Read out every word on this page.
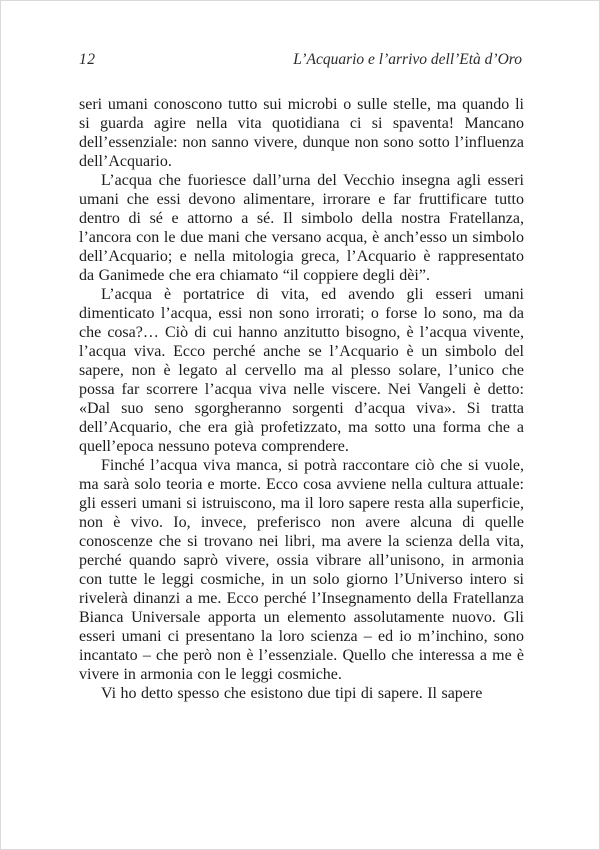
12	L’Acquario e l’arrivo dell’Età d’Oro

seri umani conoscono tutto sui microbi o sulle stelle, ma quando li si guarda agire nella vita quotidiana ci si spaventa! Mancano dell’essenziale: non sanno vivere, dunque non sono sotto l’influenza dell’Acquario.

L’acqua che fuoriesce dall’urna del Vecchio insegna agli esseri umani che essi devono alimentare, irrorare e far fruttificare tutto dentro di sé e attorno a sé. Il simbolo della nostra Fratellanza, l’ancora con le due mani che versano acqua, è anch’esso un simbolo dell’Acquario; e nella mitologia greca, l’Acquario è rappresentato da Ganimede che era chiamato “il coppiere degli dèi”.

L’acqua è portatrice di vita, ed avendo gli esseri umani dimenticato l’acqua, essi non sono irrorati; o forse lo sono, ma da che cosa?… Ciò di cui hanno anzitutto bisogno, è l’acqua vivente, l’acqua viva. Ecco perché anche se l’Acquario è un simbolo del sapere, non è legato al cervello ma al plesso solare, l’unico che possa far scorrere l’acqua viva nelle viscere. Nei Vangeli è detto: «Dal suo seno sgorgheranno sorgenti d’acqua viva». Si tratta dell’Acquario, che era già profetizzato, ma sotto una forma che a quell’epoca nessuno poteva comprendere.

Finché l’acqua viva manca, si potrà raccontare ciò che si vuole, ma sarà solo teoria e morte. Ecco cosa avviene nella cultura attuale: gli esseri umani si istruiscono, ma il loro sapere resta alla superficie, non è vivo. Io, invece, preferisco non avere alcuna di quelle conoscenze che si trovano nei libri, ma avere la scienza della vita, perché quando saprò vivere, ossia vibrare all’unisono, in armonia con tutte le leggi cosmiche, in un solo giorno l’Universo intero si rivelerà dinanzi a me. Ecco perché l’Insegnamento della Fratellanza Bianca Universale apporta un elemento assolutamente nuovo. Gli esseri umani ci presentano la loro scienza – ed io m’inchino, sono incantato – che però non è l’essenziale. Quello che interessa a me è vivere in armonia con le leggi cosmiche.

Vi ho detto spesso che esistono due tipi di sapere. Il sapere
